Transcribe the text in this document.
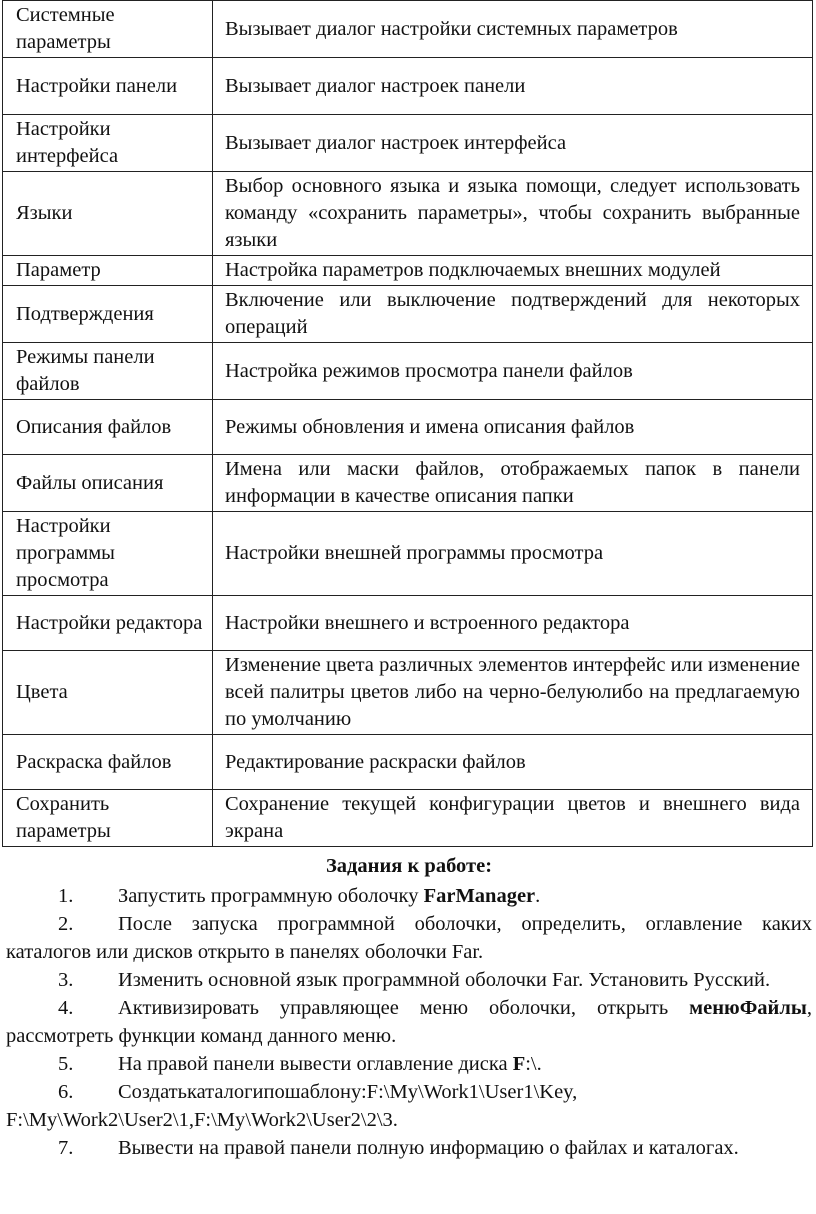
Системные параметры	Вызывает диалог настройки системных параметров
Настройки панели	Вызывает диалог настроек панели
Настройки интерфейса	Вызывает диалог настроек интерфейса
Языки	Выбор основного языка и языка помощи, следует использовать команду «сохранить параметры», чтобы сохранить выбранные языки
Параметр	Настройка параметров подключаемых внешних модулей
Подтверждения	Включение или выключение подтверждений для некоторых операций
Режимы панели файлов	Настройка режимов просмотра панели файлов
Описания файлов	Режимы обновления и имена описания файлов
Файлы описания	Имена или маски файлов, отображаемых папок в панели информации в качестве описания папки
Настройки программы просмотра	Настройки внешней программы просмотра
Настройки редактора	Настройки внешнего и встроенного редактора
Цвета	Изменение цвета различных элементов интерфейс или изменение всей палитры цветов либо на черно-белуюлибо на предлагаемую по умолчанию
Раскраска файлов	Редактирование раскраски файлов
Сохранить параметры	Сохранение текущей конфигурации цветов и внешнего вида экрана
Задания к работе:

1. Запустить программную оболочку FarManager.

2. После запуска программной оболочки, определить, оглавление каких каталогов или дисков открыто в панелях оболочки Far.

3. Изменить основной язык программной оболочки Far. Установить Русский.

4. Активизировать управляющее меню оболочки, открыть менюФайлы, рассмотреть функции команд данного меню.

5. На правой панели вывести оглавление диска F:\.

6. Создатькаталогипошаблону:F:\My\Work1\User1\Key, F:\My\Work2\User2\1,F:\My\Work2\User2\2\3.

7. Вывести на правой панели полную информацию о файлах и каталогах.
